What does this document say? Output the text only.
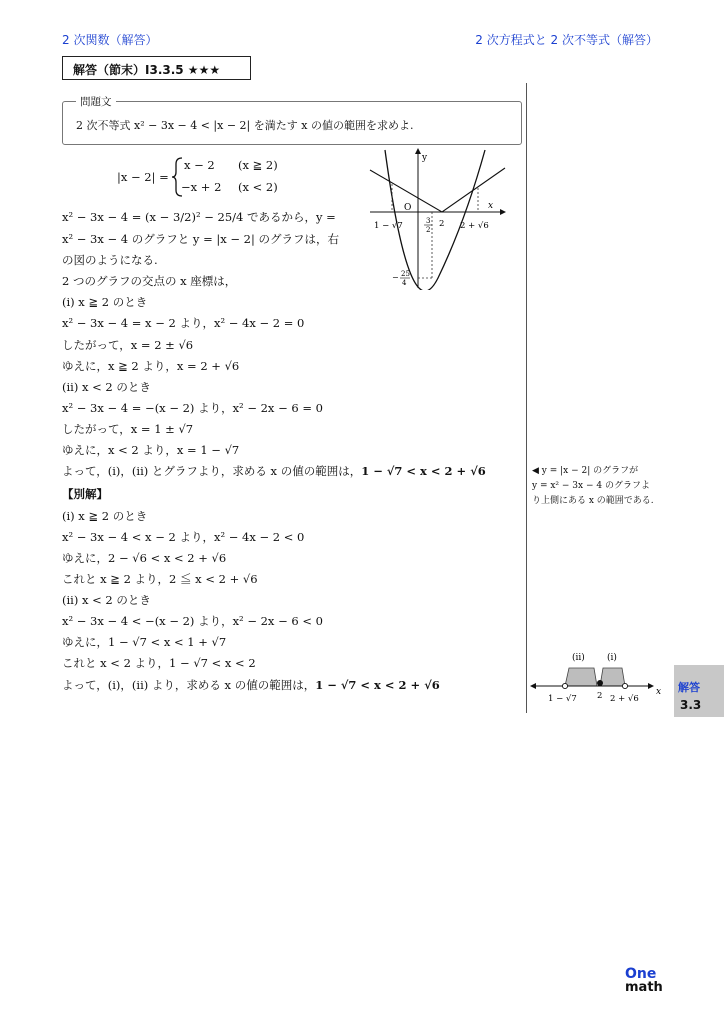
2 次関数（解答）	2 次方程式と 2 次不等式（解答）
解答（節末）I3.3.5 ★★★
問題文
2 次不等式 x² − 3x − 4 < |x − 2| を満たす x の値の範囲を求めよ.
|x − 2| =
x − 2 (x ≧ 2)
−x + 2 (x < 2)
x² − 3x − 4 = (x − 3/2)² − 25/4 であるから，y =
x² − 3x − 4 のグラフと y = |x − 2| のグラフは，右
の図のようになる.
2 つのグラフの交点の x 座標は，
(i) x ≧ 2 のとき
x² − 3x − 4 = x − 2 より，x² − 4x − 2 = 0
したがって，x = 2 ± √6
ゆえに，x ≧ 2 より，x = 2 + √6
(ii) x < 2 のとき
x² − 3x − 4 = −(x − 2) より，x² − 2x − 6 = 0
したがって，x = 1 ± √7
ゆえに，x < 2 より，x = 1 − √7
よって，(i)，(ii) とグラフより，求める x の値の範囲は，1 − √7 < x < 2 + √6	◀ y = |x − 2| のグラフが
y = x² − 3x − 4 のグラフよ
り上側にある x の範囲である.
【別解】
(i) x ≧ 2 のとき
x² − 3x − 4 < x − 2 より，x² − 4x − 2 < 0
ゆえに，2 − √6 < x < 2 + √6
これと x ≧ 2 より，2 ≦ x < 2 + √6
(ii) x < 2 のとき
x² − 3x − 4 < −(x − 2) より，x² − 2x − 6 < 0
ゆえに，1 − √7 < x < 1 + √7
これと x < 2 より，1 − √7 < x < 2
よって，(i)，(ii) より，求める x の値の範囲は，1 − √7 < x < 2 + √6
y
x
O
1 − √7	3
2
2 2 + √6
− 25
4
(ii) (i)
x
1 − √7 2 2 + √6
解答
3.3
One
math
